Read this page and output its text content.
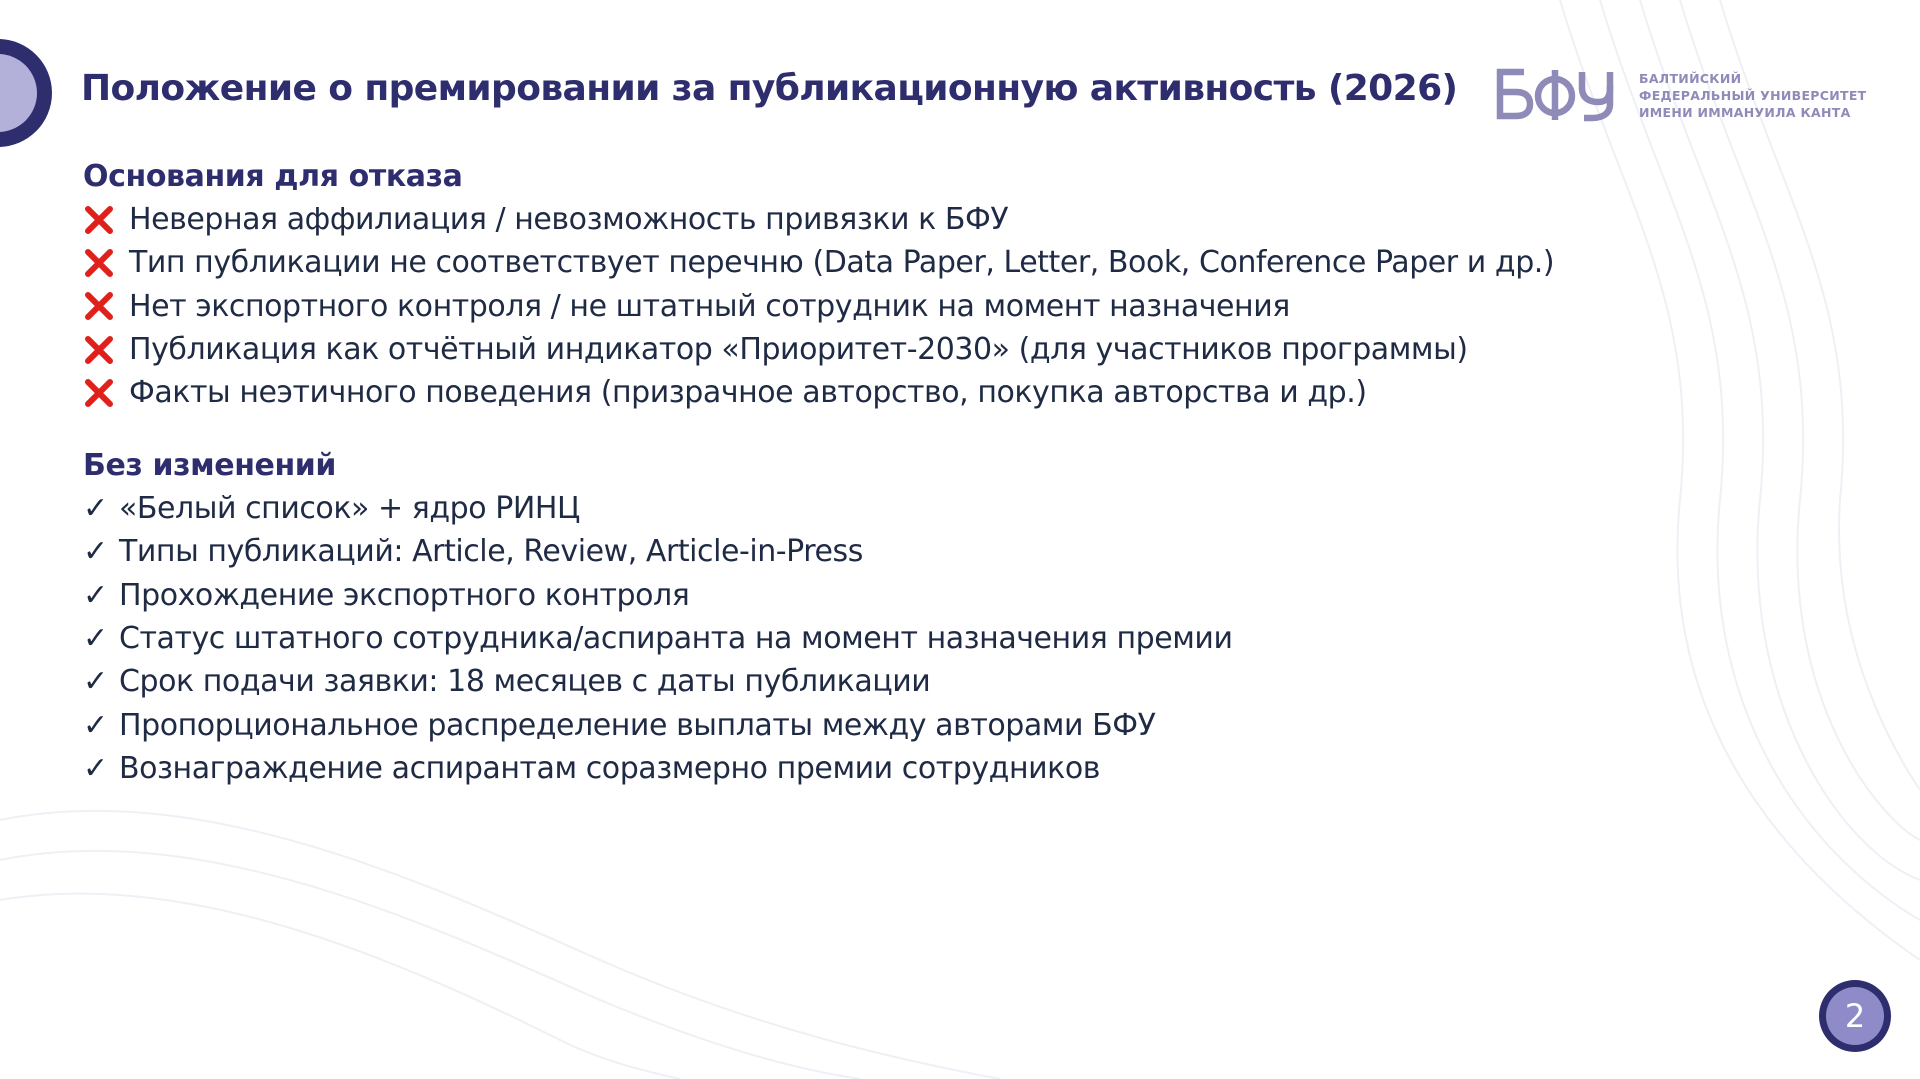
Положение о премировании за публикационную активность (2026)	БАЛТИЙСКИЙ
ФЕДЕРАЛЬНЫЙ УНИВЕРСИТЕТ
ИМЕНИ ИММАНУИЛА КАНТА
Основания для отказа
Неверная аффилиация / невозможность привязки к БФУ
Тип публикации не соответствует перечню (Data Paper, Letter, Book, Conference Paper и др.)
Нет экспортного контроля / не штатный сотрудник на момент назначения
Публикация как отчётный индикатор «Приоритет-2030» (для участников программы)
Факты неэтичного поведения (призрачное авторство, покупка авторства и др.)
Без изменений
✓ «Белый список» + ядро РИНЦ
✓ Типы публикаций: Article, Review, Article-in-Press
✓ Прохождение экспортного контроля
✓ Статус штатного сотрудника/аспиранта на момент назначения премии
✓ Срок подачи заявки: 18 месяцев с даты публикации
✓ Пропорциональное распределение выплаты между авторами БФУ
✓ Вознаграждение аспирантам соразмерно премии сотрудников
2
